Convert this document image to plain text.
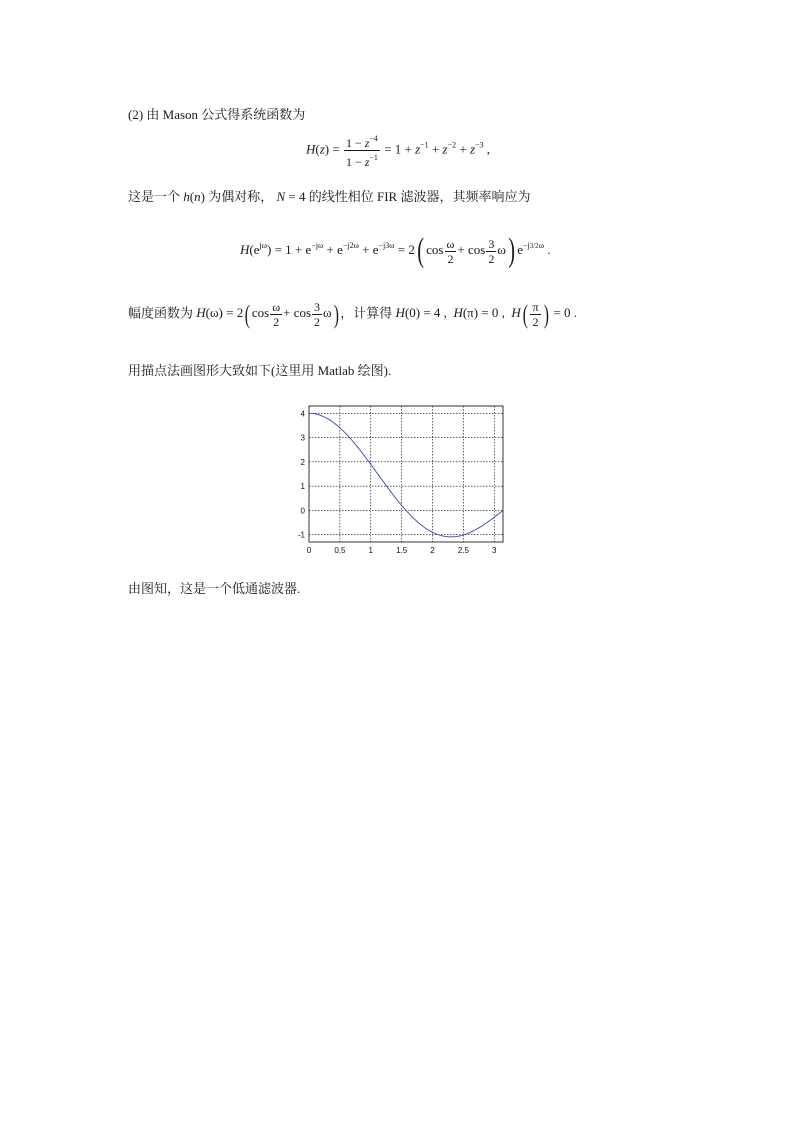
(2) 由 Mason 公式得系统函数为
$H(z) = \frac{1 - z^{-4}}{1 - z^{-1}} = 1 + z^{-1} + z^{-2} + z^{-3}$ ,
这是一个 h(n) 为偶对称， N = 4 的线性相位 FIR 滤波器，其频率响应为
$H(e^{j\omega}) = 1 + e^{-j\omega} + e^{-j2\omega} + e^{-j3\omega} = 2$( $\cos \frac{\omega}{2} + \cos \frac{3}{2} \omega$) $e^{-j3/2\omega}$ .
幅度函数为 H(ω) = 2( $\cos \frac{\omega}{2} + \cos \frac{3}{2} \omega$) ，计算得 H(0) = 4 ,  H(π) = 0 ,  $H( \frac{\pi}{2}$ ) = 0 .
用描点法画图形大致如下(这里用 Matlab 绘图).
0	0.5	1	1.5	2	2.5	3
-1
0
1
2
3
4
由图知，这是一个低通滤波器.
